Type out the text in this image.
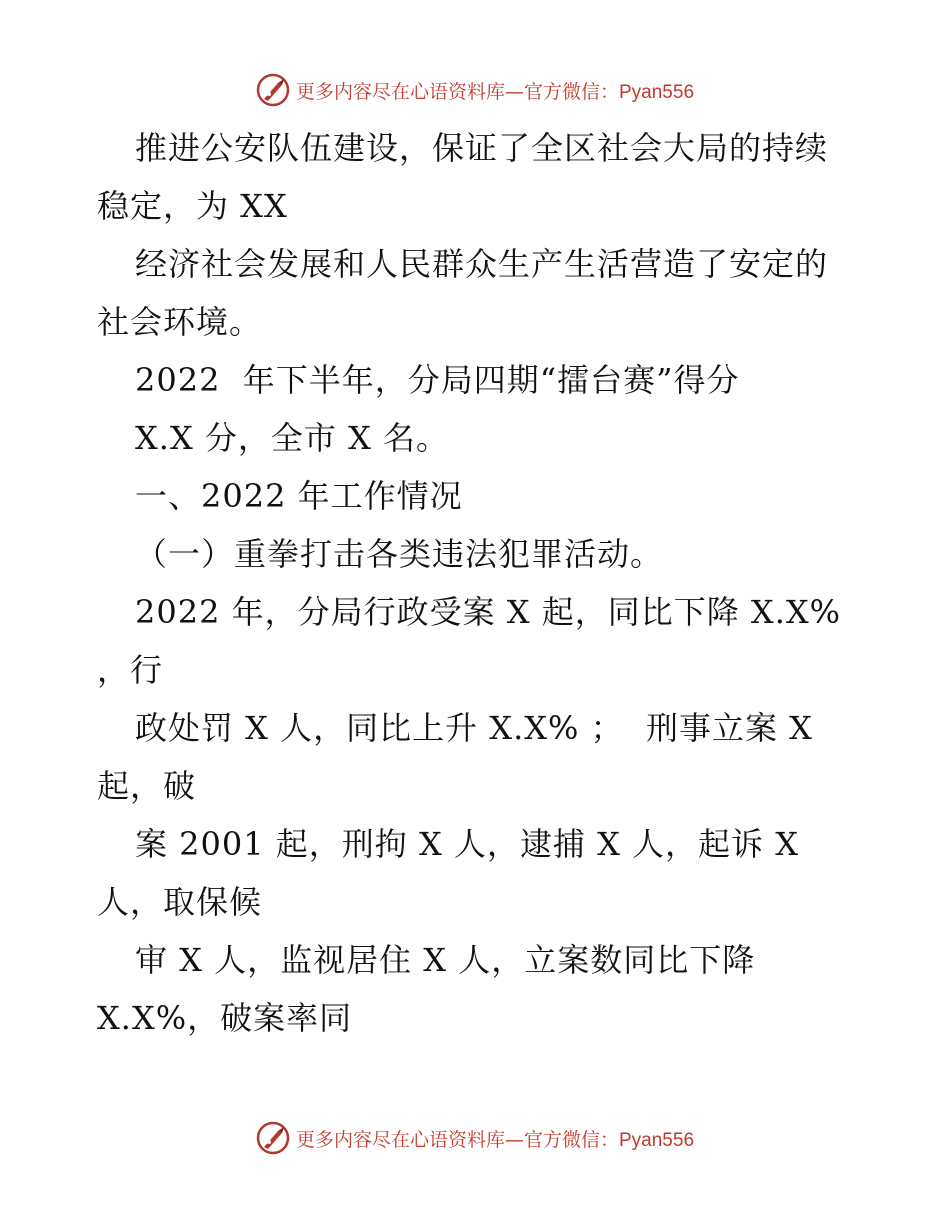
更多内容尽在心语资料库—官方微信：Pyan556
推进公安队伍建设，保证了全区社会大局的持续
稳定，为 XX
经济社会发展和人民群众生产生活营造了安定的
社会环境。
2022  年下半年，分局四期“擂台赛”得分
X.X 分，全市 X 名。
一、2022 年工作情况
（一）重拳打击各类违法犯罪活动。
2022 年，分局行政受案 X 起，同比下降 X.X%
，行
政处罚 X 人，同比上升 X.X% ；  刑事立案 X
起，破
案 2001 起，刑拘 X 人，逮捕 X 人，起诉 X
人，取保候
审 X 人，监视居住 X 人，立案数同比下降
X.X%，破案率同
更多内容尽在心语资料库—官方微信：Pyan556
